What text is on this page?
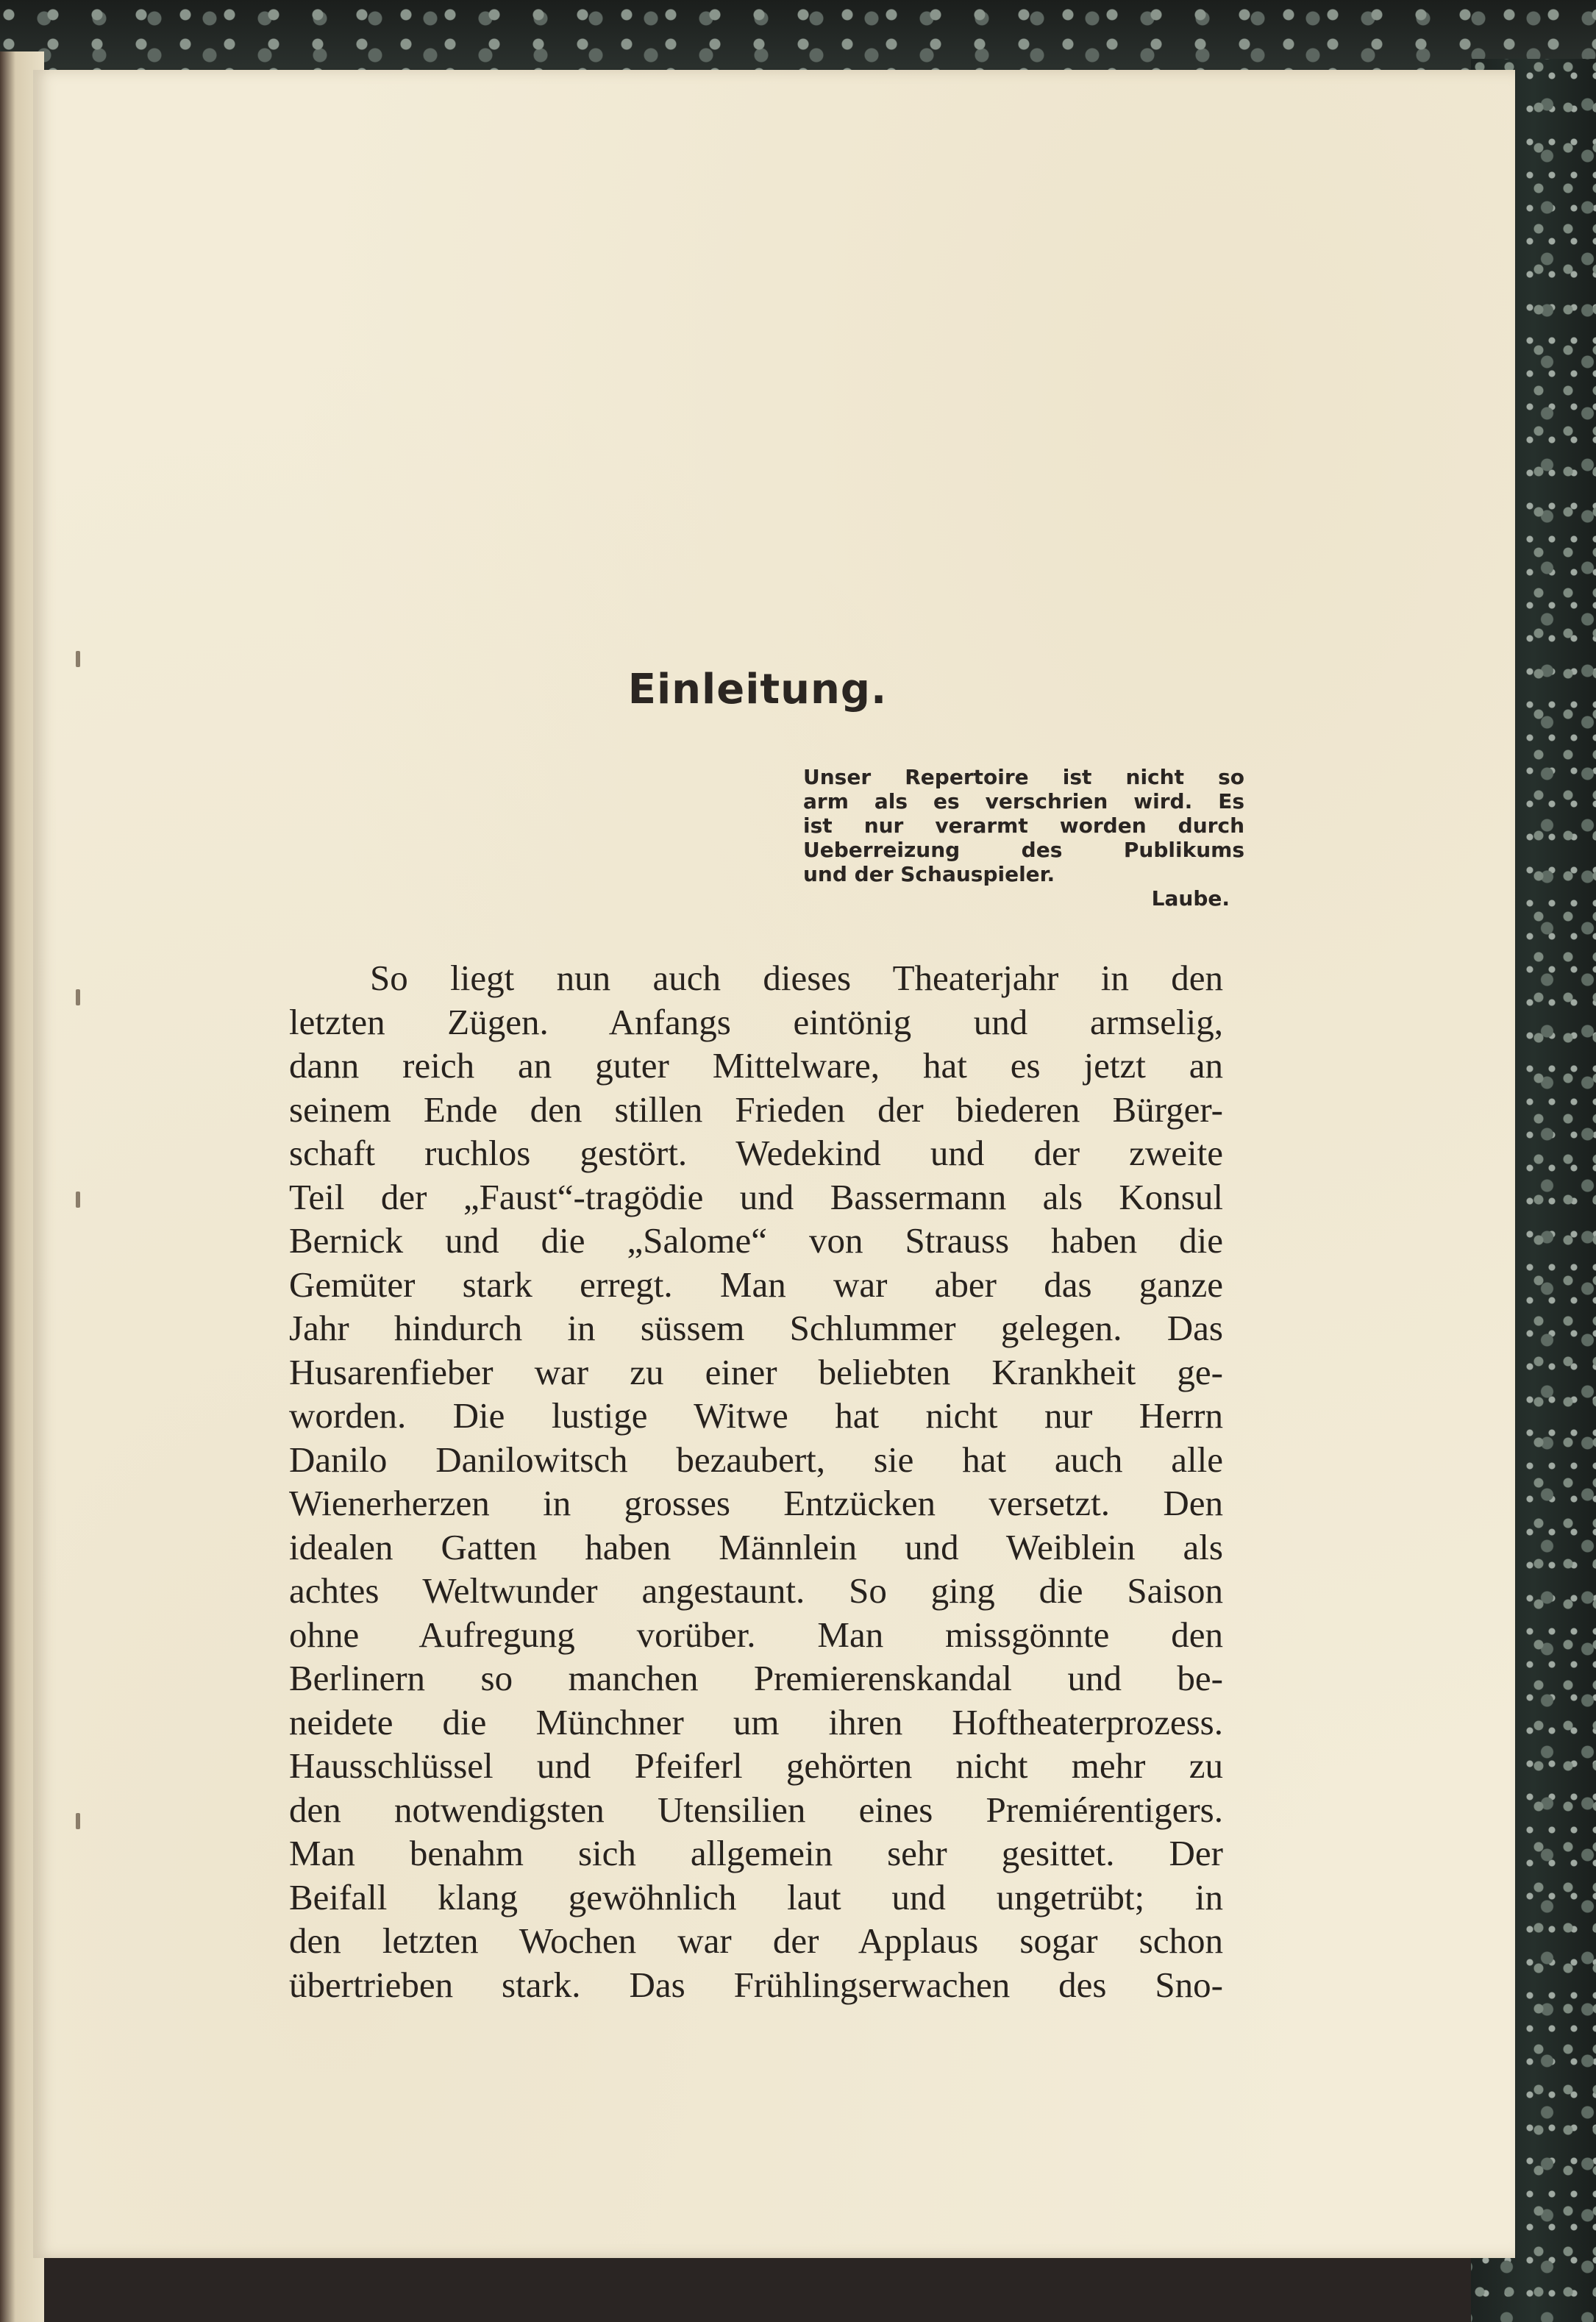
Einleitung.
Unser Repertoire ist nicht so
arm als es verschrien wird. Es
ist nur verarmt worden durch
Ueberreizung des Publikums
und der Schauspieler.
Laube.
So liegt nun auch dieses Theaterjahr in den
letzten Zügen. Anfangs eintönig und armselig,
dann reich an guter Mittelware, hat es jetzt an
seinem Ende den stillen Frieden der biederen Bürger-
schaft ruchlos gestört. Wedekind und der zweite
Teil der „Faust“-tragödie und Bassermann als Konsul
Bernick und die „Salome“ von Strauss haben die
Gemüter stark erregt. Man war aber das ganze
Jahr hindurch in süssem Schlummer gelegen. Das
Husarenfieber war zu einer beliebten Krankheit ge-
worden. Die lustige Witwe hat nicht nur Herrn
Danilo Danilowitsch bezaubert, sie hat auch alle
Wienerherzen in grosses Entzücken versetzt. Den
idealen Gatten haben Männlein und Weiblein als
achtes Weltwunder angestaunt. So ging die Saison
ohne Aufregung vorüber. Man missgönnte den
Berlinern so manchen Premierenskandal und be-
neidete die Münchner um ihren Hoftheaterprozess.
Hausschlüssel und Pfeiferl gehörten nicht mehr zu
den notwendigsten Utensilien eines Premiérentigers.
Man benahm sich allgemein sehr gesittet. Der
Beifall klang gewöhnlich laut und ungetrübt; in
den letzten Wochen war der Applaus sogar schon
übertrieben stark. Das Frühlingserwachen des Sno-
